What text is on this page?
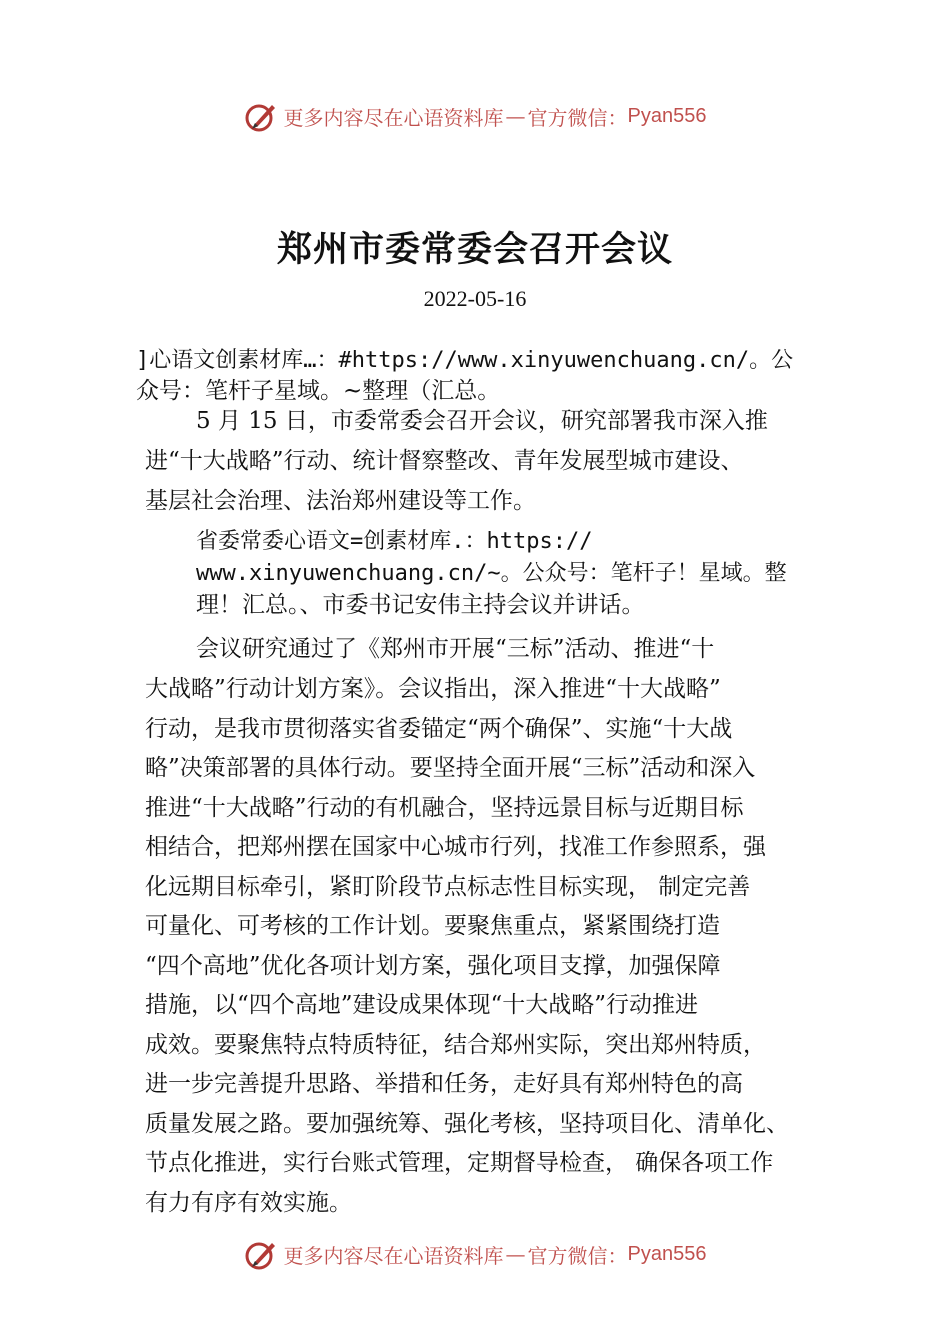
更多内容尽在心语资料库 — 官方微信： Pyan556
郑州市委常委会召开会议
2022-05-16
]心语文创素材库…：#https://www.xinyuwenchuang.cn/。公
众号：笔杆子星域。~整理（汇总。
5 月 15 日，市委常委会召开会议，研究部署我市深入推
进“十大战略”行动、统计督察整改、青年发展型城市建设、
基层社会治理、法治郑州建设等工作。
省委常委心语文=创素材库.：https://
www.xinyuwenchuang.cn/~。公众号：笔杆子！星域。整
理！汇总。、市委书记安伟主持会议并讲话。
会议研究通过了《郑州市开展“三标”活动、推进“十
大战略”行动计划方案》。会议指出，深入推进“十大战略”
行动，是我市贯彻落实省委锚定“两个确保”、实施“十大战
略”决策部署的具体行动。要坚持全面开展“三标”活动和深入
推进“十大战略”行动的有机融合，坚持远景目标与近期目标
相结合，把郑州摆在国家中心城市行列，找准工作参照系，强
化远期目标牵引，紧盯阶段节点标志性目标实现， 制定完善
可量化、可考核的工作计划。要聚焦重点，紧紧围绕打造
“四个高地”优化各项计划方案，强化项目支撑，加强保障
措施，以“四个高地”建设成果体现“十大战略”行动推进
成效。要聚焦特点特质特征，结合郑州实际，突出郑州特质，
进一步完善提升思路、举措和任务，走好具有郑州特色的高
质量发展之路。要加强统筹、强化考核，坚持项目化、清单化、
节点化推进，实行台账式管理，定期督导检查， 确保各项工作
有力有序有效实施。
更多内容尽在心语资料库 — 官方微信： Pyan556
